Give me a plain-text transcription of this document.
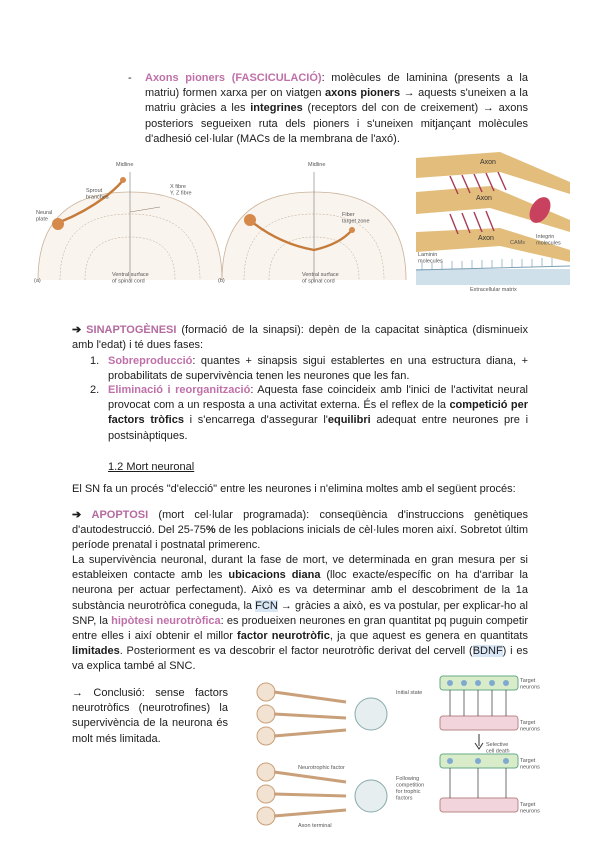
- Axons pioners (FASCICULACIÓ): molècules de laminina (presents a la matriu) formen xarxa per on viatgen axons pioners → aquests s'uneixen a la matriu gràcies a les integrines (receptors del con de creixement) → axons posteriors segueixen ruta dels pioners i s'uneixen mitjançant molècules d'adhesió cel·lular (MACs de la membrana de l'axó).

Midline
X fibre Y, Z fibre
Sprout branches
Neural plate
Ventral surface of spinal cord
(a)
Midline
Fiber target zone
Ventral surface of spinal cord
(b)
Axon
Axon
Axon
CAMs
Integrin molecules
Laminin molecules
Extracellular matrix

➔ SINAPTOGÈNESI (formació de la sinapsi): depèn de la capacitat sinàptica (disminueix amb l'edat) i té dues fases:

1. Sobreproducció: quantes + sinapsis sigui establertes en una estructura diana, + probabilitats de supervivència tenen les neurones que les fan.

2. Eliminació i reorganització: Aquesta fase coincideix amb l'inici de l'activitat neural provocat com a un resposta a una activitat externa. És el reflex de la competició per factors tròfics i s'encarrega d'assegurar l'equilibri adequat entre neurones pre i postsinàptiques.

1.2 Mort neuronal

El SN fa un procés "d'elecció" entre les neurones i n'elimina moltes amb el següent procés:

➔ APOPTOSI (mort cel·lular programada): conseqüència d'instruccions genètiques d'autodestrucció. Del 25-75% de les poblacions inicials de cèl·lules moren així. Sobretot últim període prenatal i postnatal primerenc.

La supervivència neuronal, durant la fase de mort, ve determinada en gran mesura per si estableixen contacte amb les ubicacions diana (lloc exacte/específic on ha d'arribar la neurona per actuar perfectament). Això es va determinar amb el descobriment de la 1a substància neurotròfica coneguda, la FCN → gràcies a això, es va postular, per explicar-ho al SNP, la hipòtesi neurotròfica: es produeixen neurones en gran quantitat pq puguin competir entre elles i així obtenir el millor factor neurotròfic, ja que aquest es genera en quantitats limitades. Posteriorment es va descobrir el factor neurotròfic derivat del cervell (BDNF) i es va explica també al SNC.

→ Conclusió: sense factors neurotròfics (neurotrofines) la supervivència de la neurona és molt més limitada.

Neurotrophic factor
Axon terminal
Target neurons
Initial state
Target neurons
Selective cell death
Target neurons
Following competition for trophic factors
Target neurons
